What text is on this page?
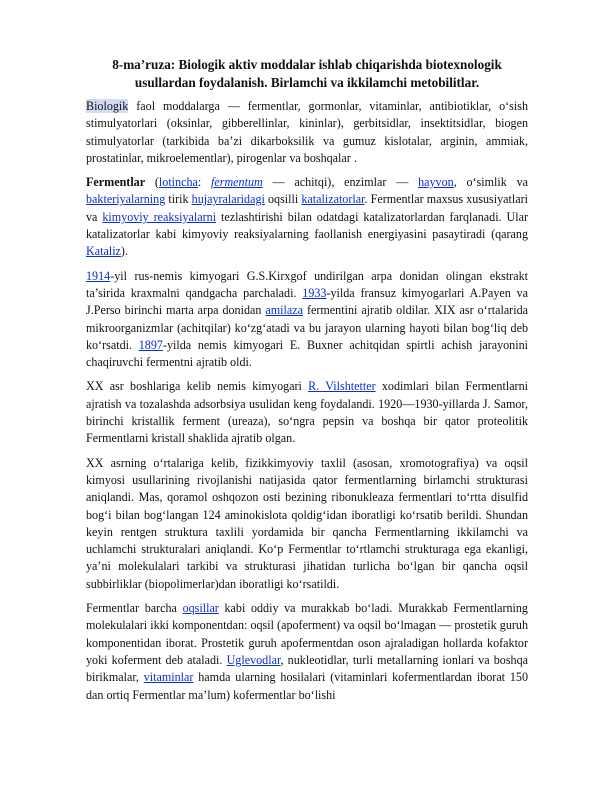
8-ma’ruza: Biologik aktiv moddalar ishlab chiqarishda biotexnologik usullardan foydalanish. Birlamchi va ikkilamchi metobilitlar.

Biologik faol moddalarga — fermentlar, gormonlar, vitaminlar, antibiotiklar, o‘sish stimulyatorlari (oksinlar, gibberellinlar, kininlar), gerbitsidlar, insektitsidlar, biogen stimulyatorlar (tarkibida ba’zi dikarboksilik va gumuz kislotalar, arginin, ammiak, prostatinlar, mikroelementlar), pirogenlar va boshqalar .

Fermentlar (lotincha: fermentum — achitqi), enzimlar — hayvon, o‘simlik va bakteriyalarning tirik hujayralaridagi oqsilli katalizatorlar. Fermentlar maxsus xususiyatlari va kimyoviy reaksiyalarni tezlashtirishi bilan odatdagi katalizatorlardan farqlanadi. Ular katalizatorlar kabi kimyoviy reaksiyalarning faollanish energiyasini pasaytiradi (qarang Kataliz).

1914-yil rus-nemis kimyogari G.S.Kirxgof undirilgan arpa donidan olingan ekstrakt ta’sirida kraxmalni qandgacha parchaladi. 1933-yilda fransuz kimyogarlari A.Payen va J.Perso birinchi marta arpa donidan amilaza fermentini ajratib oldilar. XIX asr o‘rtalarida mikroorganizmlar (achitqilar) ko‘zg‘atadi va bu jarayon ularning hayoti bilan bog‘liq deb ko‘rsatdi. 1897-yilda nemis kimyogari E. Buxner achitqidan spirtli achish jarayonini chaqiruvchi fermentni ajratib oldi.

XX asr boshlariga kelib nemis kimyogari R. Vilshtetter xodimlari bilan Fermentlarni ajratish va tozalashda adsorbsiya usulidan keng foydalandi. 1920—1930-yillarda J. Samor, birinchi kristallik ferment (ureaza), so‘ngra pepsin va boshqa bir qator proteolitik Fermentlarni kristall shaklida ajratib olgan.

XX asrning o‘rtalariga kelib, fizikkimyoviy taxlil (asosan, xromotografiya) va oqsil kimyosi usullarining rivojlanishi natijasida qator fermentlarning birlamchi strukturasi aniqlandi. Mas, qoramol oshqozon osti bezining ribonukleaza fermentlari to‘rtta disulfid bog‘i bilan bog‘langan 124 aminokislota qoldig‘idan iboratligi ko‘rsatib berildi. Shundan keyin rentgen struktura taxlili yordamida bir qancha Fermentlarning ikkilamchi va uchlamchi strukturalari aniqlandi. Ko‘p Fermentlar to‘rtlamchi strukturaga ega ekanligi, ya’ni molekulalari tarkibi va strukturasi jihatidan turlicha bo‘lgan bir qancha oqsil subbirliklar (biopolimerlar)dan iboratligi ko‘rsatildi.

Fermentlar barcha oqsillar kabi oddiy va murakkab bo‘ladi. Murakkab Fermentlarning molekulalari ikki komponentdan: oqsil (apoferment) va oqsil bo‘lmagan — prostetik guruh komponentidan iborat. Prostetik guruh apofermentdan oson ajraladigan hollarda kofaktor yoki koferment deb ataladi. Uglevodlar, nukleotidlar, turli metallarning ionlari va boshqa birikmalar, vitaminlar hamda ularning hosilalari (vitaminlari kofermentlardan iborat 150 dan ortiq Fermentlar ma’lum) kofermentlar bo‘lishi
